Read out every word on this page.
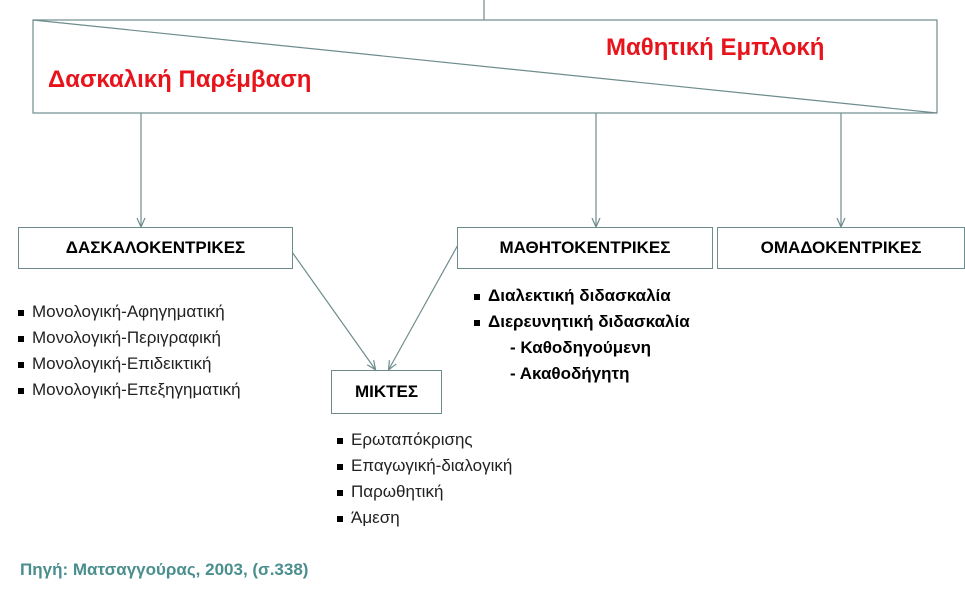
Δασκαλική Παρέμβαση
Μαθητική Εμπλοκή
ΔΑΣΚΑΛΟΚΕΝΤΡΙΚΕΣ	ΜΑΘΗΤΟΚΕΝΤΡΙΚΕΣ	ΟΜΑΔΟΚΕΝΤΡΙΚΕΣ
ΜΙΚΤΕΣ
Μονολογική-Αφηγηματική
Μονολογική-Περιγραφική
Μονολογική-Επιδεικτική
Μονολογική-Επεξηγηματική
Διαλεκτική διδασκαλία
Διερευνητική διδασκαλία
- Καθοδηγούμενη
- Ακαθοδήγητη
Ερωταπόκρισης
Επαγωγική-διαλογική
Παρωθητική
Άμεση
Πηγή: Ματσαγγούρας, 2003, (σ.338)
